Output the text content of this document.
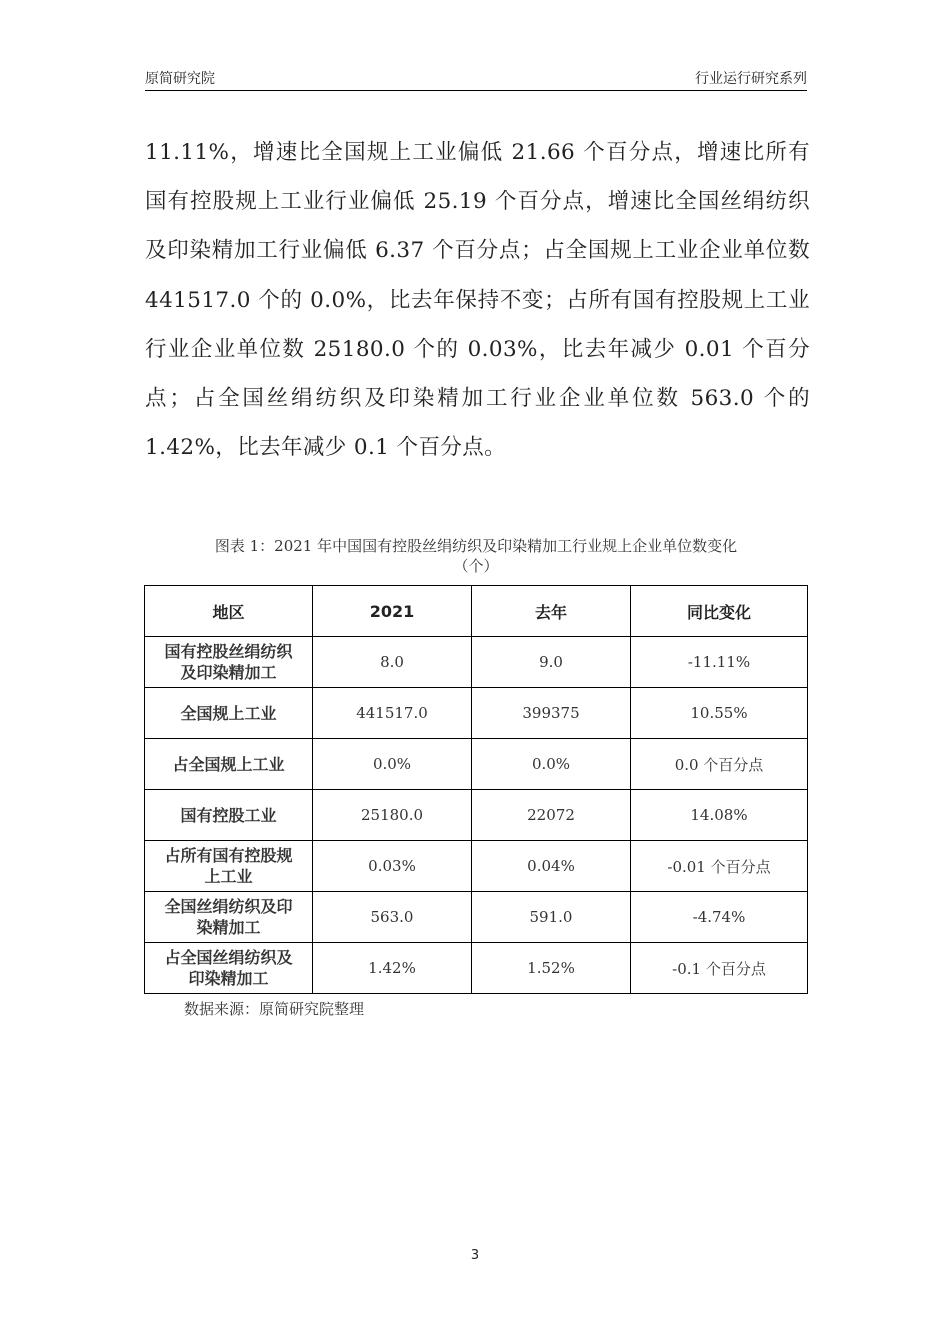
原简研究院	行业运行研究系列

11.11%，增速比全国规上工业偏低 21.66 个百分点，增速比所有国有控股规上工业行业偏低 25.19 个百分点，增速比全国丝绢纺织及印染精加工行业偏低 6.37 个百分点；占全国规上工业企业单位数 441517.0 个的 0.0%，比去年保持不变；占所有国有控股规上工业行业企业单位数 25180.0 个的 0.03%，比去年减少 0.01 个百分点；占全国丝绢纺织及印染精加工行业企业单位数 563.0 个的 1.42%，比去年减少 0.1 个百分点。

图表 1：2021 年中国国有控股丝绢纺织及印染精加工行业规上企业单位数变化
（个）
地区	2021	去年	同比变化
国有控股丝绢纺织及印染精加工	8.0	9.0	-11.11%
全国规上工业	441517.0	399375	10.55%
占全国规上工业	0.0%	0.0%	0.0 个百分点
国有控股工业	25180.0	22072	14.08%
占所有国有控股规上工业	0.03%	0.04%	-0.01 个百分点
全国丝绢纺织及印染精加工	563.0	591.0	-4.74%
占全国丝绢纺织及印染精加工	1.42%	1.52%	-0.1 个百分点
数据来源：原简研究院整理
3
